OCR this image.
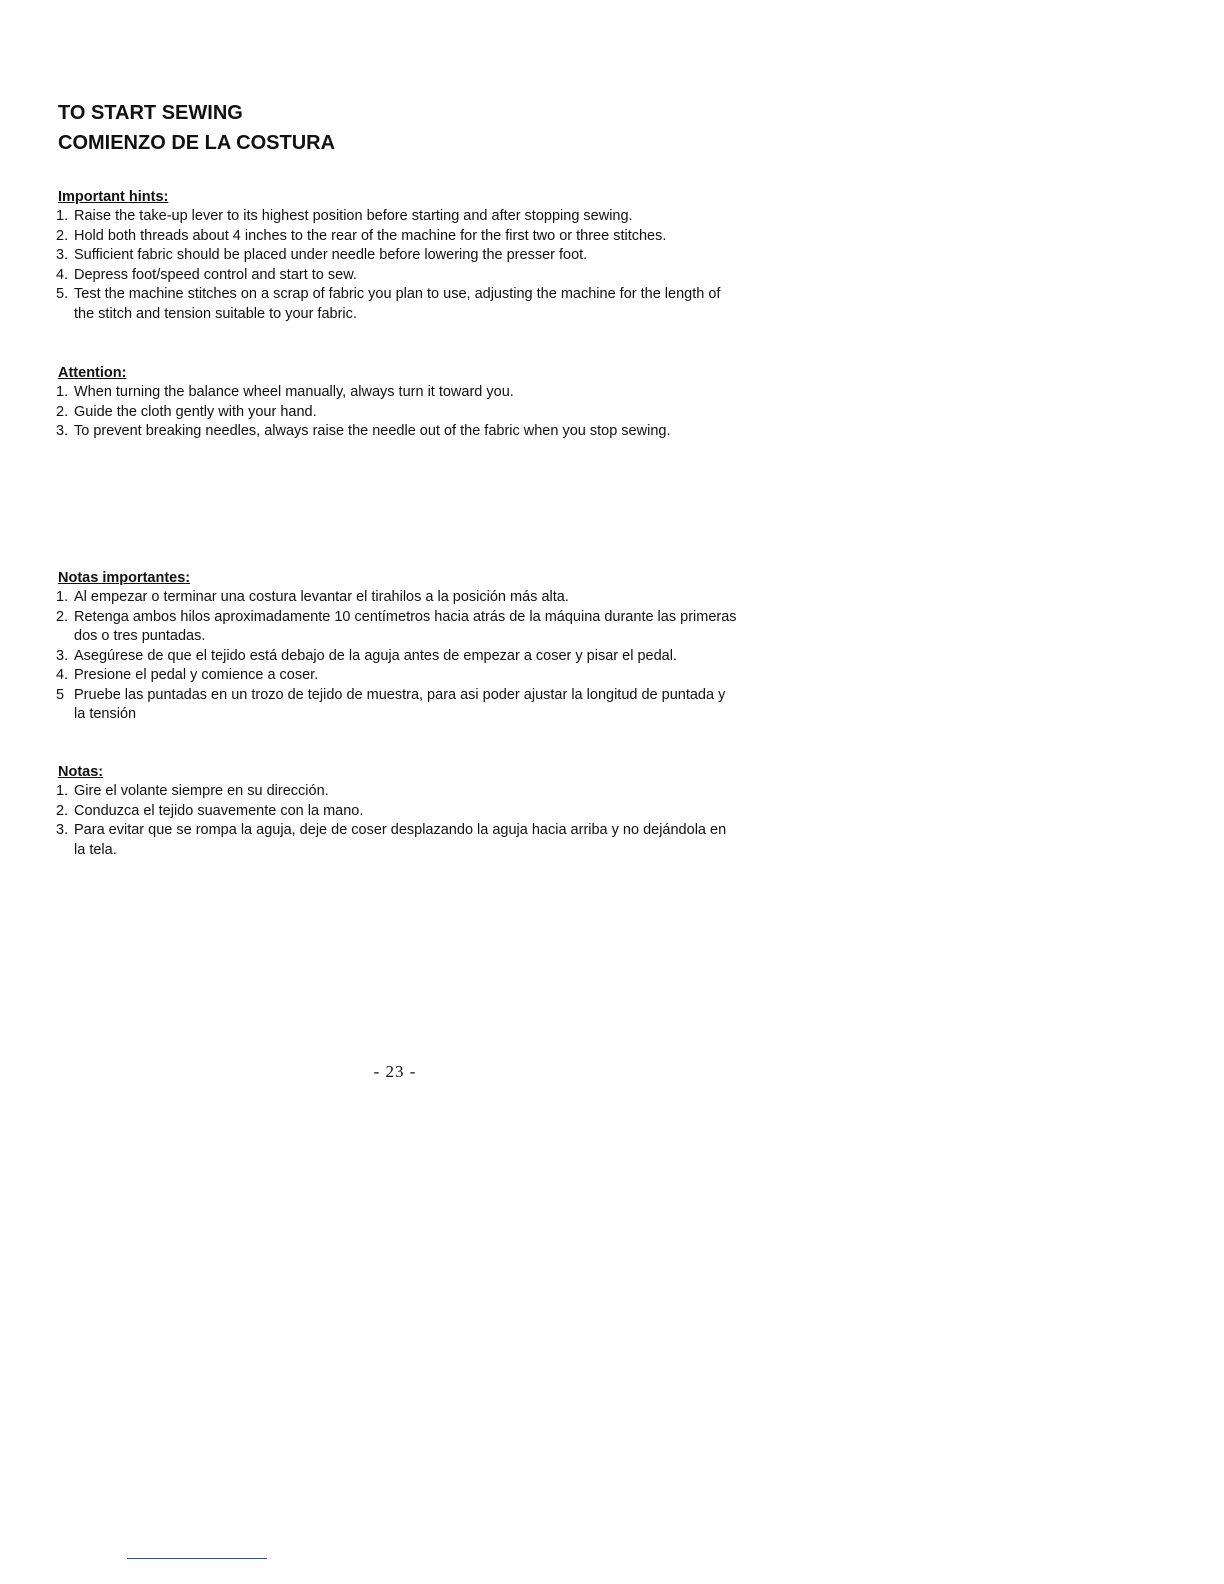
TO START SEWING
COMIENZO DE LA COSTURA

Important hints:

1. Raise the take-up lever to its highest position before starting and after stopping sewing.
2. Hold both threads about 4 inches to the rear of the machine for the first two or three stitches.
3. Sufficient fabric should be placed under needle before lowering the presser foot.
4. Depress foot/speed control and start to sew.
5. Test the machine stitches on a scrap of fabric you plan to use, adjusting the machine for the length of the stitch and tension suitable to your fabric.

Attention:

1. When turning the balance wheel manually, always turn it toward you.
2. Guide the cloth gently with your hand.
3. To prevent breaking needles, always raise the needle out of the fabric when you stop sewing.

Notas importantes:

1. Al empezar o terminar una costura levantar el tirahilos a la posición más alta.
2. Retenga ambos hilos aproximadamente 10 centímetros hacia atrás de la máquina durante las primeras dos o tres puntadas.
3. Asegúrese de que el tejido está debajo de la aguja antes de empezar a coser y pisar el pedal.
4. Presione el pedal y comience a coser.
5 Pruebe las puntadas en un trozo de tejido de muestra, para asi poder ajustar la longitud de puntada y la tensión

Notas:

1. Gire el volante siempre en su dirección.
2. Conduzca el tejido suavemente con la mano.
3. Para evitar que se rompa la aguja, deje de coser desplazando la aguja hacia arriba y no dejándola en la tela.
- 23 -
